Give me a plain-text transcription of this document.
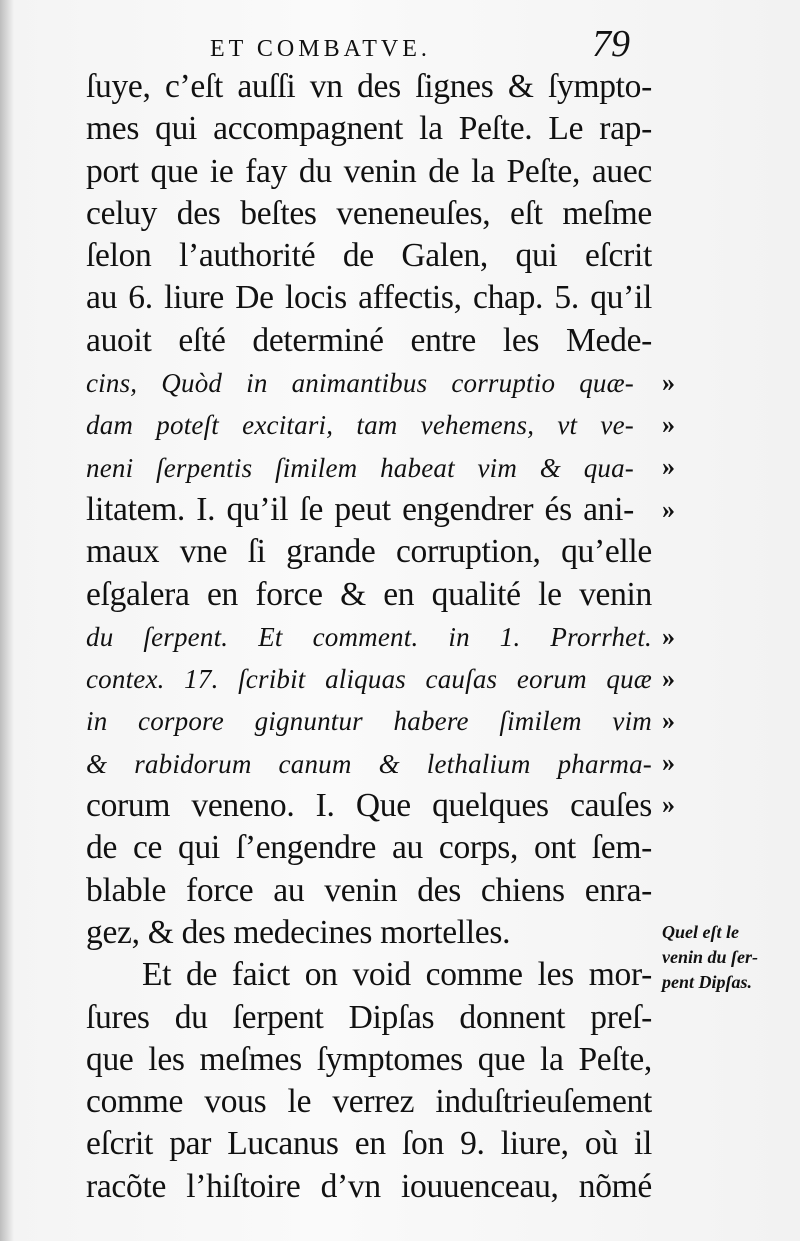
ET COMBATVE.	79
ſuye, c’eſt auſſi vn des ſignes & ſympto-
mes qui accompagnent la Peſte. Le rap-
port que ie fay du venin de la Peſte, auec
celuy des beſtes veneneuſes, eſt meſme
ſelon l’authorité de Galen, qui eſcrit
au 6. liure De locis affectis, chap. 5. qu’il
auoit eſté determiné entre les Mede-
cins, Quòd in animantibus corruptio quæ-
dam poteſt excitari, tam vehemens, vt ve-
neni ſerpentis ſimilem habeat vim & qua-
litatem. I. qu’il ſe peut engendrer és ani-
maux vne ſi grande corruption, qu’elle
eſgalera en force & en qualité le venin
du ſerpent. Et comment. in 1. Prorrhet.
contex. 17. ſcribit aliquas cauſas eorum quæ
in corpore gignuntur habere ſimilem vim
& rabidorum canum & lethalium pharma-
corum veneno. I. Que quelques cauſes
de ce qui ſ’engendre au corps, ont ſem-
blable force au venin des chiens enra-
gez, & des medecines mortelles.
Et de faict on void comme les mor-
ſures du ſerpent Dipſas donnent preſ-
que les meſmes ſymptomes que la Peſte,
comme vous le verrez induſtrieuſement
eſcrit par Lucanus en ſon 9. liure, où il
racõte l’hiſtoire d’vn iouuenceau, nõmé
»
»
»
»
»
»
»
»
»
Quel eſt le
venin du ſer-
pent Dipſas.
